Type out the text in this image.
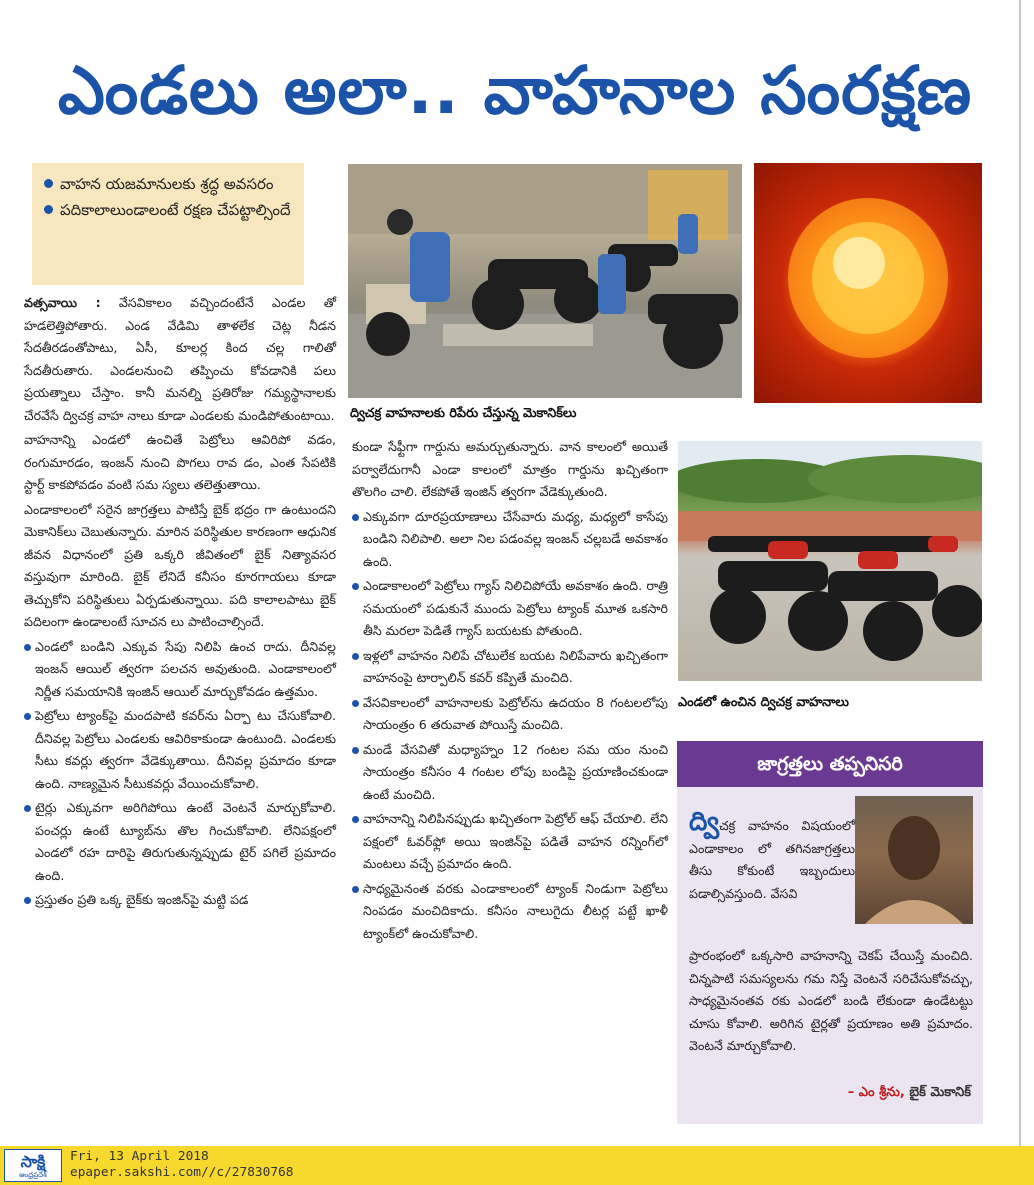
ఎండలు అలా.. వాహనాల సంరక్షణ
వాహన యజమానులకు శ్రద్ధ అవసరం
పదికాలాలుండాలంటే రక్షణ చేపట్టాల్సిందే

వత్సవాయి : వేసవికాలం వచ్చిందంటేనే ఎండల తో హడలెత్తిపోతారు. ఎండ వేడిమి తాళలేక చెట్ల నీడన సేదతీరడంతోపాటు, ఏసీ, కూలర్ల కింద చల్ల గాలితో సేదతీరుతారు. ఎండలనుంచి తప్పించు కోవడానికి పలు ప్రయత్నాలు చేస్తాం. కానీ మనల్ని ప్రతిరోజు గమ్యస్థానాలకు చేరవేసే ద్విచక్ర వాహ నాలు కూడా ఎండలకు మండిపోతుంటాయి.

వాహనాన్ని ఎండలో ఉంచితే పెట్రోలు ఆవిరిపో వడం, రంగుమారడం, ఇంజన్ నుంచి పొగలు రావ డం, ఎంత సేపటికి స్టార్ట్ కాకపోవడం వంటి సమ స్యలు తలెత్తుతాయి.

ఎండాకాలంలో సరైన జాగ్రత్తలు పాటిస్తే బైక్ భద్రం గా ఉంటుందని మెకానిక్‌లు చెబుతున్నారు. మారిన పరిస్థితుల కారణంగా ఆధునిక జీవన విధానంలో ప్రతి ఒక్కరి జీవితంలో బైక్ నిత్యావసర వస్తువుగా మారింది. బైక్ లేనిదే కనీసం కూరగాయలు కూడా తెచ్చుకోని పరిస్థితులు ఏర్పడుతున్నాయి. పది కాలాలపాటు బైక్ పదిలంగా ఉండాలంటే సూచన లు పాటించాల్సిందే.

ఎండలో బండిని ఎక్కువ సేపు నిలిపి ఉంచ రాదు. దీనివల్ల ఇంజన్ ఆయిల్ త్వరగా పలచన అవుతుంది. ఎండాకాలంలో నిర్ణీత సమయానికి ఇంజిన్ ఆయిల్ మార్చుకోవడం ఉత్తమం.

పెట్రోలు ట్యాంక్‌పై మందపాటి కవర్‌ను ఏర్పా టు చేసుకోవాలి. దీనివల్ల పెట్రోలు ఎండలకు ఆవిరికాకుండా ఉంటుంది. ఎండలకు సీటు కవర్లు త్వరగా వేడెక్కుతాయి. దీనివల్ల ప్రమాదం కూడా ఉంది. నాణ్యమైన సీటుకవర్లు వేయించుకోవాలి.

టైర్లు ఎక్కువగా అరిగిపోయి ఉంటే వెంటనే మార్చుకోవాలి. పంచర్లు ఉంటే ట్యూబ్‌ను తొల గించుకోవాలి. లేనిపక్షంలో ఎండలో రహ దారిపై తిరుగుతున్నప్పుడు టైర్ పగిలే ప్రమాదం ఉంది.

ప్రస్తుతం ప్రతి ఒక్క బైక్‌కు ఇంజిన్‌పై మట్టి పడ

ద్విచక్ర వాహనాలకు రిపేరు చేస్తున్న మెకానిక్‌లు
ఎండలో ఉంచిన ద్విచక్ర వాహనాలు

కుండా సేఫ్టీగా గార్డును అమర్చుతున్నారు. వాన కాలంలో అయితే పర్వాలేదుగానీ ఎండా కాలంలో మాత్రం గార్డును ఖచ్చితంగా తొలగిం చాలి. లేకపోతే ఇంజిన్ త్వరగా వేడెక్కుతుంది.

ఎక్కువగా దూరప్రయాణాలు చేసేవారు మధ్య, మధ్యలో కాసేపు బండిని నిలిపాలి. అలా నిల పడంవల్ల ఇంజన్ చల్లబడే అవకాశం ఉంది.

ఎండాకాలంలో పెట్రోలు గ్యాస్ నిలిచిపోయే అవకాశం ఉంది. రాత్రి సమయంలో పడుకునే ముందు పెట్రోలు ట్యాంక్ మూత ఒకసారి తీసి మరలా పెడితే గ్యాస్ బయటకు పోతుంది.

ఇళ్లలో వాహనం నిలిపే చోటులేక బయట నిలిపేవారు ఖచ్చితంగా వాహనంపై టార్పాలిన్ కవర్ కప్పితే మంచిది.

వేసవికాలంలో వాహనాలకు పెట్రోల్‌ను ఉదయం 8 గంటలలోపు సాయంత్రం 6 తరువాత పోయిస్తే మంచిది.

మండే వేసవితో మధ్యాహ్నం 12 గంటల సమ యం నుంచి సాయంత్రం కనీసం 4 గంటల లోపు బండిపై ప్రయాణించకుండా ఉంటే మంచిది.

వాహనాన్ని నిలిపినప్పుడు ఖచ్చితంగా పెట్రోల్ ఆఫ్ చేయాలి. లేని పక్షంలో ఓవర్‌ఫ్లో అయి ఇంజిన్‌పై పడితే వాహన రన్నింగ్‌లో మంటలు వచ్చే ప్రమాదం ఉంది.

సాధ్యమైనంత వరకు ఎండాకాలంలో ట్యాంక్ నిండుగా పెట్రోలు నింపడం మంచిదికాదు. కనీసం నాలుగైదు లీటర్ల పట్టే ఖాళీ ట్యాంక్‌లో ఉంచుకోవాలి.

జాగ్రత్తలు తప్పనిసరి
ద్విచక్ర వాహనం విషయంలో ఎండాకాలం లో తగినజాగ్రత్తలు తీసు కోకుంటే ఇబ్బందులు పడాల్సివస్తుంది. వేసవి
ప్రారంభంలో ఒక్కసారి వాహనాన్ని చెకప్ చేయిస్తే మంచిది. చిన్నపాటి సమస్యలను గమ నిస్తే వెంటనే సరిచేసుకోవచ్చు, సాధ్యమైనంతవ రకు ఎండలో బండి లేకుండా ఉండేటట్టు చూసు కోవాలి. అరిగిన టైర్లతో ప్రయాణం అతి ప్రమాదం. వెంటనే మార్చుకోవాలి.
– ఎం శ్రీను, బైక్ మెకానిక్
సాక్షి
ఆంధ్రప్రదేశ్
Fri, 13 April 2018
epaper.sakshi.com//c/27830768
